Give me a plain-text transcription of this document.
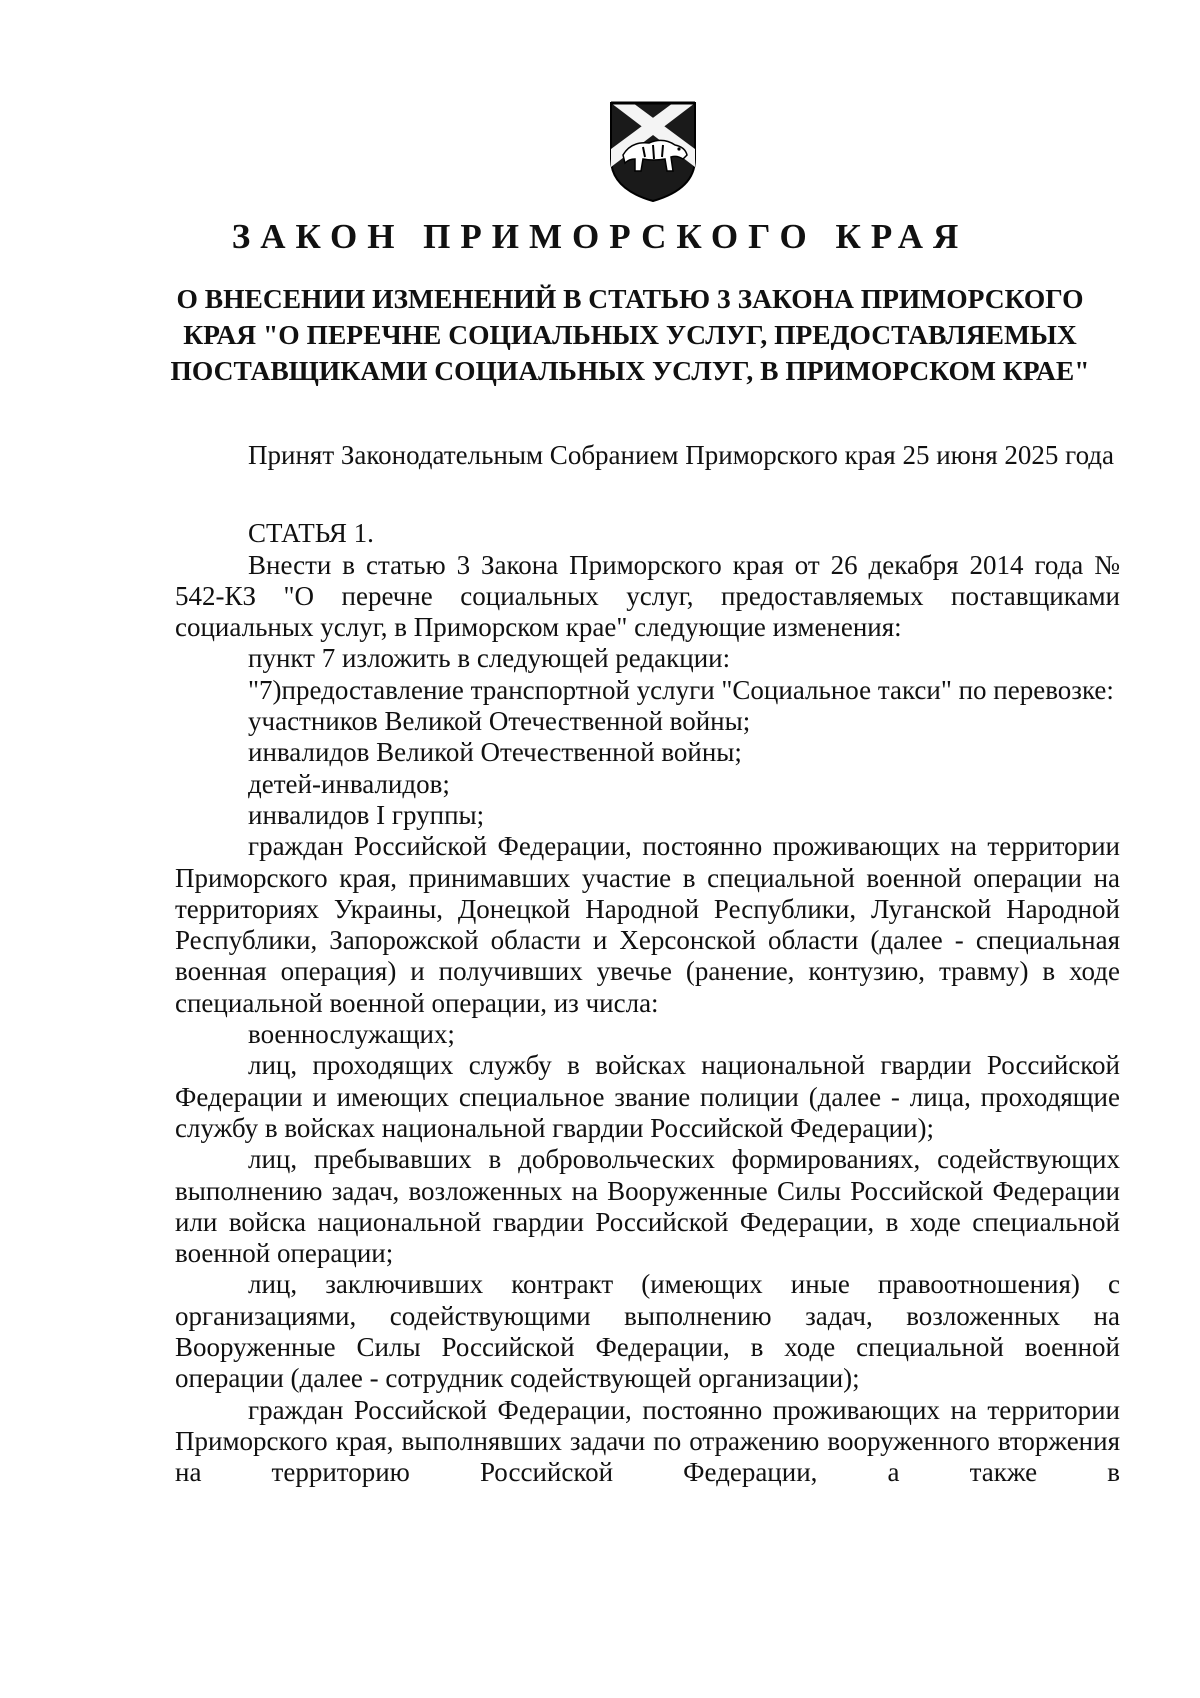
ЗАКОН ПРИМОРСКОГО КРАЯ
О ВНЕСЕНИИ ИЗМЕНЕНИЙ В СТАТЬЮ 3 ЗАКОНА ПРИМОРСКОГО КРАЯ "О ПЕРЕЧНЕ СОЦИАЛЬНЫХ УСЛУГ, ПРЕДОСТАВЛЯЕМЫХ ПОСТАВЩИКАМИ СОЦИАЛЬНЫХ УСЛУГ, В ПРИМОРСКОМ КРАЕ"

Принят Законодательным Собранием Приморского края 25 июня 2025 года

СТАТЬЯ 1.

Внести в статью 3 Закона Приморского края от 26 декабря 2014 года № 542-КЗ "О перечне социальных услуг, предоставляемых поставщиками социальных услуг, в Приморском крае" следующие изменения:

пункт 7 изложить в следующей редакции:

"7)предоставление транспортной услуги "Социальное такси" по перевозке:

участников Великой Отечественной войны;

инвалидов Великой Отечественной войны;

детей-инвалидов;

инвалидов I группы;

граждан Российской Федерации, постоянно проживающих на территории Приморского края, принимавших участие в специальной военной операции на территориях Украины, Донецкой Народной Республики, Луганской Народной Республики, Запорожской области и Херсонской области (далее - специальная военная операция) и получивших увечье (ранение, контузию, травму) в ходе специальной военной операции, из числа:

военнослужащих;

лиц, проходящих службу в войсках национальной гвардии Российской Федерации и имеющих специальное звание полиции (далее - лица, проходящие службу в войсках национальной гвардии Российской Федерации);

лиц, пребывавших в добровольческих формированиях, содействующих выполнению задач, возложенных на Вооруженные Силы Российской Федерации или войска национальной гвардии Российской Федерации, в ходе специальной военной операции;

лиц, заключивших контракт (имеющих иные правоотношения) с организациями, содействующими выполнению задач, возложенных на Вооруженные Силы Российской Федерации, в ходе специальной военной операции (далее - сотрудник содействующей организации);

граждан Российской Федерации, постоянно проживающих на территории Приморского края, выполнявших задачи по отражению вооруженного вторжения на территорию Российской Федерации, а также в
